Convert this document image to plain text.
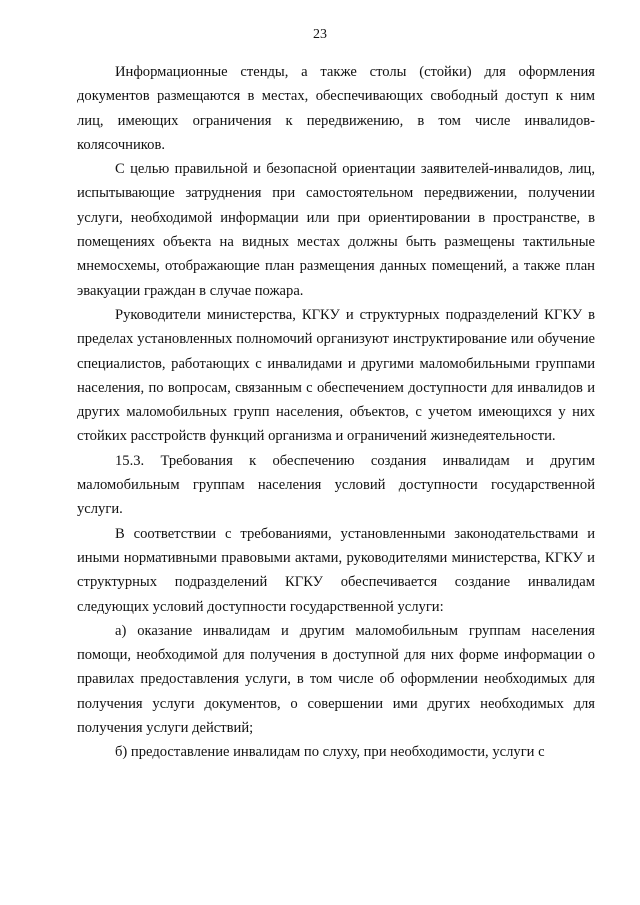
23

Информационные стенды, а также столы (стойки) для оформления документов размещаются в местах, обеспечивающих свободный доступ к ним лиц, имеющих ограничения к передвижению, в том числе инвалидов-колясочников.

С целью правильной и безопасной ориентации заявителей-инвалидов, лиц, испытывающие затруднения при самостоятельном передвижении, получении услуги, необходимой информации или при ориентировании в пространстве, в помещениях объекта на видных местах должны быть размещены тактильные мнемосхемы, отображающие план размещения данных помещений, а также план эвакуации граждан в случае пожара.

Руководители министерства, КГКУ и структурных подразделений КГКУ в пределах установленных полномочий организуют инструктирование или обучение специалистов, работающих с инвалидами и другими маломобильными группами населения, по вопросам, связанным с обеспечением доступности для инвалидов и других маломобильных групп населения, объектов, с учетом имеющихся у них стойких расстройств функций организма и ограничений жизнедеятельности.

15.3. Требования к обеспечению создания инвалидам и другим маломобильным группам населения условий доступности государственной услуги.

В соответствии с требованиями, установленными законодательствами и иными нормативными правовыми актами, руководителями министерства, КГКУ и структурных подразделений КГКУ обеспечивается создание инвалидам следующих условий доступности государственной услуги:

а) оказание инвалидам и другим маломобильным группам населения помощи, необходимой для получения в доступной для них форме информации о правилах предоставления услуги, в том числе об оформлении необходимых для получения услуги документов, о совершении ими других необходимых для получения услуги действий;

б) предоставление инвалидам по слуху, при необходимости, услуги с
